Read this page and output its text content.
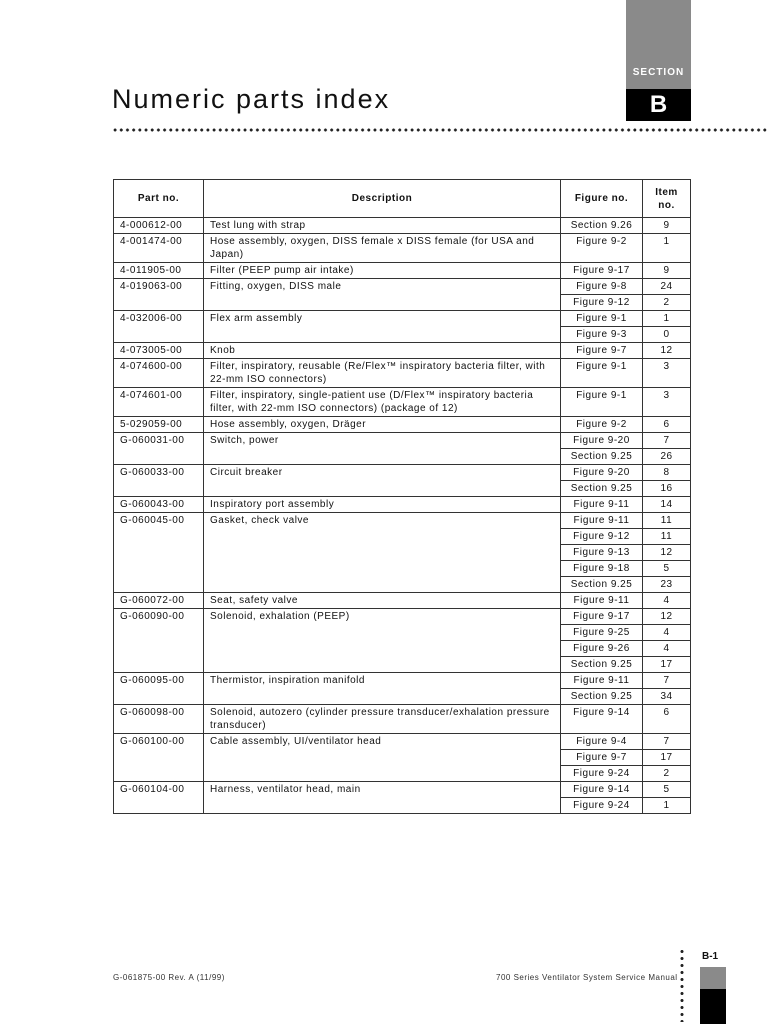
SECTION
B
Numeric parts index
Part no.	Description	Figure no.	Item no.
4-000612-00	Test lung with strap	Section 9.26	9
4-001474-00	Hose assembly, oxygen, DISS female x DISS female (for USA and Japan)	Figure 9-2	1
4-011905-00	Filter (PEEP pump air intake)	Figure 9-17	9
4-019063-00	Fitting, oxygen, DISS male	Figure 9-8	24
		Figure 9-12	2
4-032006-00	Flex arm assembly	Figure 9-1	1
		Figure 9-3	0
4-073005-00	Knob	Figure 9-7	12
4-074600-00	Filter, inspiratory, reusable (Re/Flex™ inspiratory bacteria filter, with 22-mm ISO connectors)	Figure 9-1	3
4-074601-00	Filter, inspiratory, single-patient use (D/Flex™ inspiratory bacteria filter, with 22-mm ISO connectors) (package of 12)	Figure 9-1	3
5-029059-00	Hose assembly, oxygen, Dräger	Figure 9-2	6
G-060031-00	Switch, power	Figure 9-20	7
		Section 9.25	26
G-060033-00	Circuit breaker	Figure 9-20	8
		Section 9.25	16
G-060043-00	Inspiratory port assembly	Figure 9-11	14
G-060045-00	Gasket, check valve	Figure 9-11	11
		Figure 9-12	11
		Figure 9-13	12
		Figure 9-18	5
		Section 9.25	23
G-060072-00	Seat, safety valve	Figure 9-11	4
G-060090-00	Solenoid, exhalation (PEEP)	Figure 9-17	12
		Figure 9-25	4
		Figure 9-26	4
		Section 9.25	17
G-060095-00	Thermistor, inspiration manifold	Figure 9-11	7
		Section 9.25	34
G-060098-00	Solenoid, autozero (cylinder pressure transducer/exhalation pressure transducer)	Figure 9-14	6
G-060100-00	Cable assembly, UI/ventilator head	Figure 9-4	7
		Figure 9-7	17
		Figure 9-24	2
G-060104-00	Harness, ventilator head, main	Figure 9-14	5
		Figure 9-24	1
G-061875-00 Rev. A (11/99)	700 Series Ventilator System Service Manual
B-1
